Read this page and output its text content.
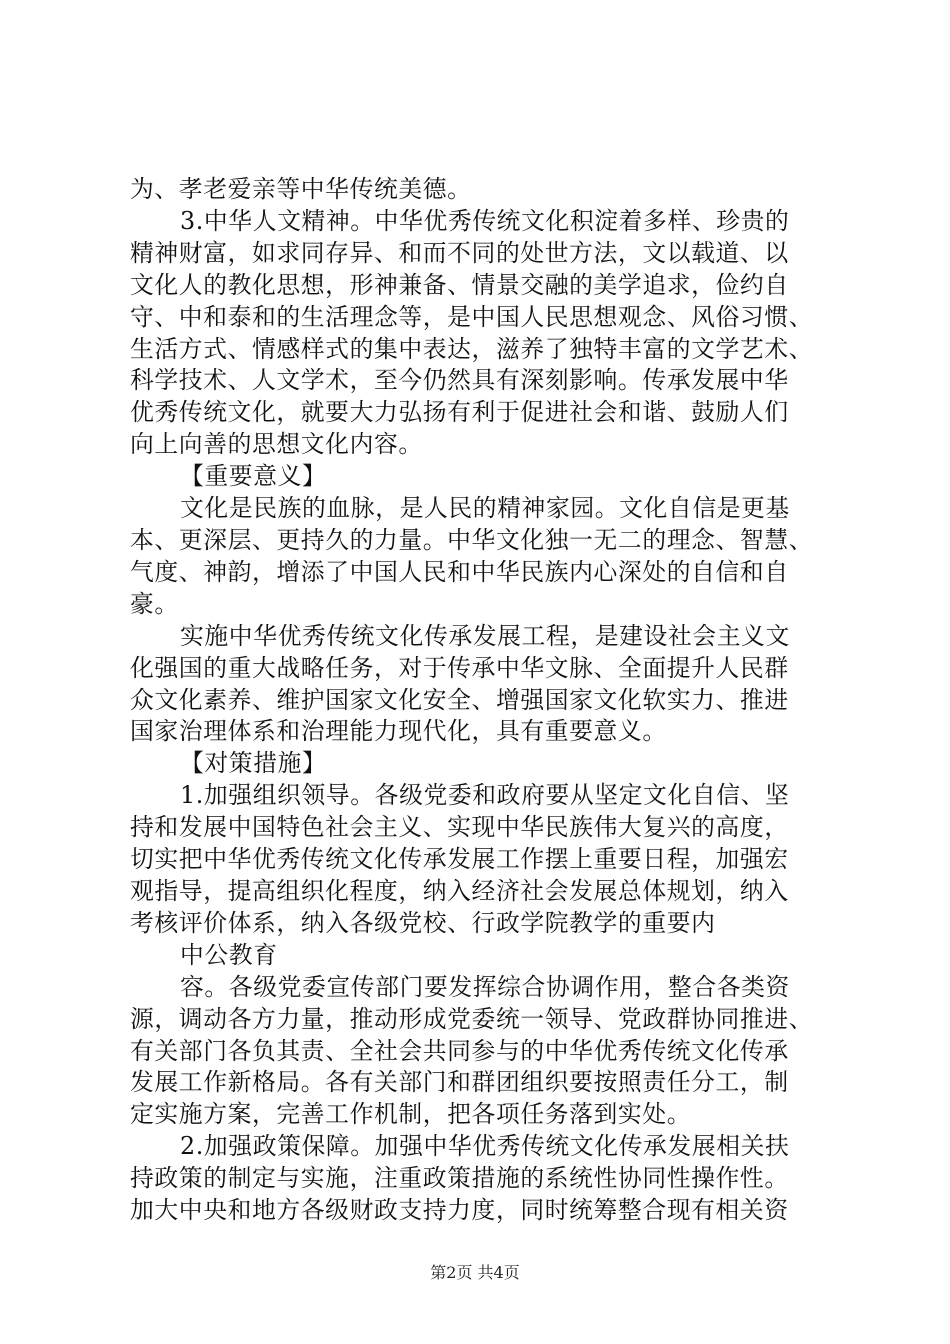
为、孝老爱亲等中华传统美德。
3.中华人文精神。中华优秀传统文化积淀着多样、珍贵的
精神财富，如求同存异、和而不同的处世方法，文以载道、以
文化人的教化思想，形神兼备、情景交融的美学追求，俭约自
守、中和泰和的生活理念等，是中国人民思想观念、风俗习惯、
生活方式、情感样式的集中表达，滋养了独特丰富的文学艺术、
科学技术、人文学术，至今仍然具有深刻影响。传承发展中华
优秀传统文化，就要大力弘扬有利于促进社会和谐、鼓励人们
向上向善的思想文化内容。
【重要意义】
文化是民族的血脉，是人民的精神家园。文化自信是更基
本、更深层、更持久的力量。中华文化独一无二的理念、智慧、
气度、神韵，增添了中国人民和中华民族内心深处的自信和自
豪。
实施中华优秀传统文化传承发展工程，是建设社会主义文
化强国的重大战略任务，对于传承中华文脉、全面提升人民群
众文化素养、维护国家文化安全、增强国家文化软实力、推进
国家治理体系和治理能力现代化，具有重要意义。
【对策措施】
1.加强组织领导。各级党委和政府要从坚定文化自信、坚
持和发展中国特色社会主义、实现中华民族伟大复兴的高度，
切实把中华优秀传统文化传承发展工作摆上重要日程，加强宏
观指导，提高组织化程度，纳入经济社会发展总体规划，纳入
考核评价体系，纳入各级党校、行政学院教学的重要内
中公教育
容。各级党委宣传部门要发挥综合协调作用，整合各类资
源，调动各方力量，推动形成党委统一领导、党政群协同推进、
有关部门各负其责、全社会共同参与的中华优秀传统文化传承
发展工作新格局。各有关部门和群团组织要按照责任分工，制
定实施方案，完善工作机制，把各项任务落到实处。
2.加强政策保障。加强中华优秀传统文化传承发展相关扶
持政策的制定与实施，注重政策措施的系统性协同性操作性。
加大中央和地方各级财政支持力度，同时统筹整合现有相关资
第2页 共4页
